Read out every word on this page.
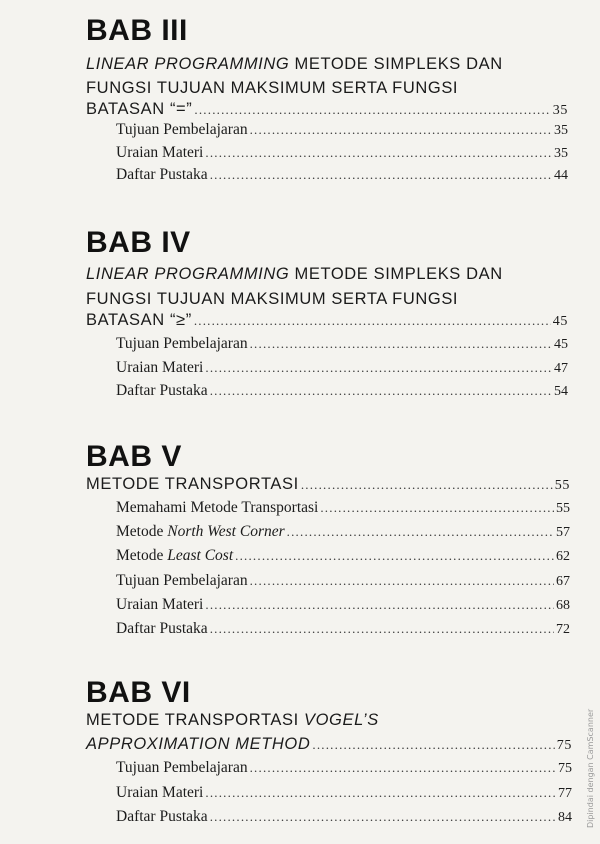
BAB III
LINEAR PROGRAMMING METODE SIMPLEKS DAN
FUNGSI TUJUAN MAKSIMUM SERTA FUNGSI
BATASAN “=” .....	35
Tujuan Pembelajaran .....	35
Uraian Materi .....	35
Daftar Pustaka .....	44
BAB IV
LINEAR PROGRAMMING METODE SIMPLEKS DAN
FUNGSI TUJUAN MAKSIMUM SERTA FUNGSI
BATASAN “≥” .....	45
Tujuan Pembelajaran .....	45
Uraian Materi .....	47
Daftar Pustaka .....	54
BAB V
METODE TRANSPORTASI .....	55
Memahami Metode Transportasi .....	55
Metode North West Corner .....	57
Metode Least Cost .....	62
Tujuan Pembelajaran .....	67
Uraian Materi .....	68
Daftar Pustaka .....	72
BAB VI
METODE TRANSPORTASI VOGEL’S
APPROXIMATION METHOD .....	75
Tujuan Pembelajaran .....	75
Uraian Materi .....	77
Daftar Pustaka .....	84 Dipindai dengan CamScanner
